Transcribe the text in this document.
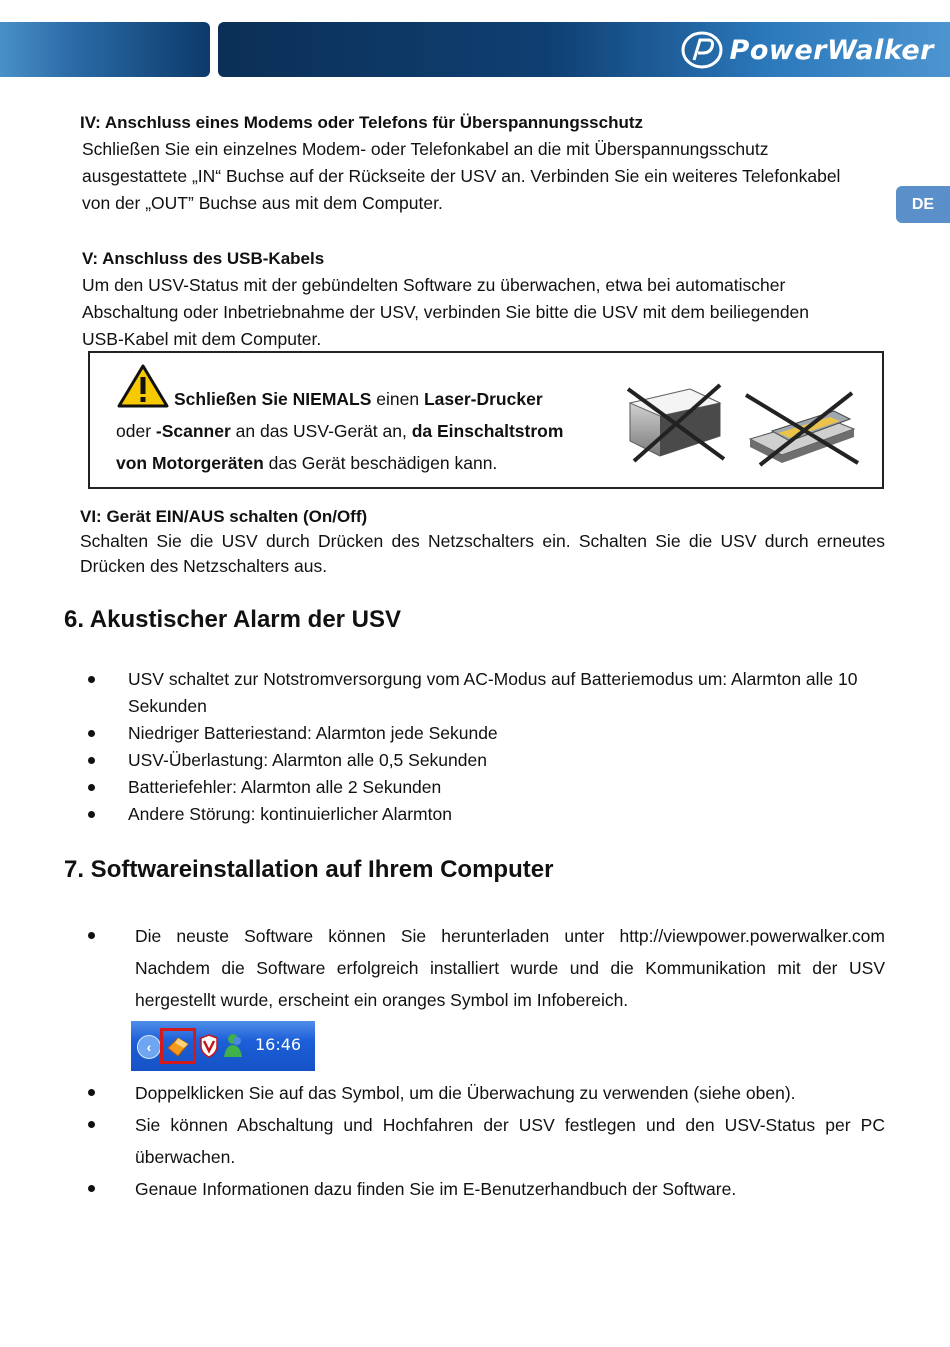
PowerWalker
DE
IV: Anschluss eines Modems oder Telefons für Überspannungsschutz
Schließen Sie ein einzelnes Modem- oder Telefonkabel an die mit Überspannungsschutz
ausgestattete „IN“ Buchse auf der Rückseite der USV an. Verbinden Sie ein weiteres Telefonkabel
von der „OUT” Buchse aus mit dem Computer.
V: Anschluss des USB-Kabels
Um den USV-Status mit der gebündelten Software zu überwachen, etwa bei automatischer
Abschaltung oder Inbetriebnahme der USV, verbinden Sie bitte die USV mit dem beiliegenden
USB-Kabel mit dem Computer.
Schließen Sie NIEMALS einen Laser-Drucker
oder -Scanner an das USV-Gerät an, da Einschaltstrom
von Motorgeräten das Gerät beschädigen kann.
VI: Gerät EIN/AUS schalten (On/Off)
Schalten Sie die USV durch Drücken des Netzschalters ein. Schalten Sie die USV durch erneutes Drücken des Netzschalters aus.
6. Akustischer Alarm der USV
USV schaltet zur Notstromversorgung vom AC-Modus auf Batteriemodus um: Alarmton alle 10 Sekunden
Niedriger Batteriestand: Alarmton jede Sekunde
USV-Überlastung: Alarmton alle 0,5 Sekunden
Batteriefehler: Alarmton alle 2 Sekunden
Andere Störung: kontinuierlicher Alarmton
7. Softwareinstallation auf Ihrem Computer
Die neuste Software können Sie herunterladen unter http://viewpower.powerwalker.com Nachdem die Software erfolgreich installiert wurde und die Kommunikation mit der USV hergestellt wurde, erscheint ein oranges Symbol im Infobereich.
‹	16:46
Doppelklicken Sie auf das Symbol, um die Überwachung zu verwenden (siehe oben).
Sie können Abschaltung und Hochfahren der USV festlegen und den USV-Status per PC überwachen.
Genaue Informationen dazu finden Sie im E-Benutzerhandbuch der Software.
